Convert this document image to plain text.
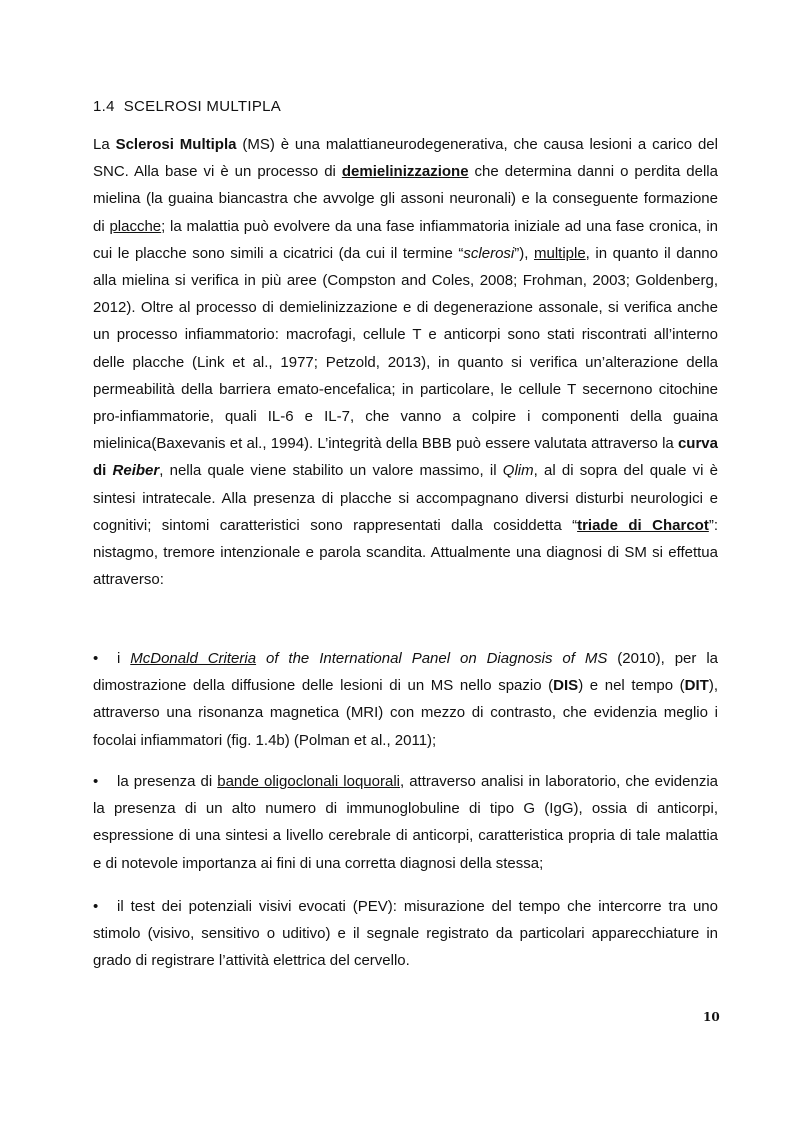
1.4 SCELROSI MULTIPLA
La Sclerosi Multipla (MS) è una malattianeurodegenerativa, che causa lesioni a carico del SNC. Alla base vi è un processo di demielinizzazione che determina danni o perdita della mielina (la guaina biancastra che avvolge gli assoni neuronali) e la conseguente formazione di placche; la malattia può evolvere da una fase infiammatoria iniziale ad una fase cronica, in cui le placche sono simili a cicatrici (da cui il termine “sclerosi”), multiple, in quanto il danno alla mielina si verifica in più aree (Compston and Coles, 2008; Frohman, 2003; Goldenberg, 2012). Oltre al processo di demielinizzazione e di degenerazione assonale, si verifica anche un processo infiammatorio: macrofagi, cellule T e anticorpi sono stati riscontrati all’interno delle placche (Link et al., 1977; Petzold, 2013), in quanto si verifica un’alterazione della permeabilità della barriera emato-encefalica; in particolare, le cellule T secernono citochine pro-infiammatorie, quali IL-6 e IL-7, che vanno a colpire i componenti della guaina mielinica(Baxevanis et al., 1994). L’integrità della BBB può essere valutata attraverso la curva di Reiber, nella quale viene stabilito un valore massimo, il Qlim, al di sopra del quale vi è sintesi intratecale. Alla presenza di placche si accompagnano diversi disturbi neurologici e cognitivi; sintomi caratteristici sono rappresentati dalla cosiddetta “triade di Charcot”: nistagmo, tremore intenzionale e parola scandita. Attualmente una diagnosi di SM si effettua attraverso:
• i McDonald Criteria of the International Panel on Diagnosis of MS (2010), per la dimostrazione della diffusione delle lesioni di un MS nello spazio (DIS) e nel tempo (DIT), attraverso una risonanza magnetica (MRI) con mezzo di contrasto, che evidenzia meglio i focolai infiammatori (fig. 1.4b) (Polman et al., 2011);
• la presenza di bande oligoclonali loquorali, attraverso analisi in laboratorio, che evidenzia la presenza di un alto numero di immunoglobuline di tipo G (IgG), ossia di anticorpi, espressione di una sintesi a livello cerebrale di anticorpi, caratteristica propria di tale malattia e di notevole importanza ai fini di una corretta diagnosi della stessa;
• il test dei potenziali visivi evocati (PEV): misurazione del tempo che intercorre tra uno stimolo (visivo, sensitivo o uditivo) e il segnale registrato da particolari apparecchiature in grado di registrare l’attività elettrica del cervello.
10
